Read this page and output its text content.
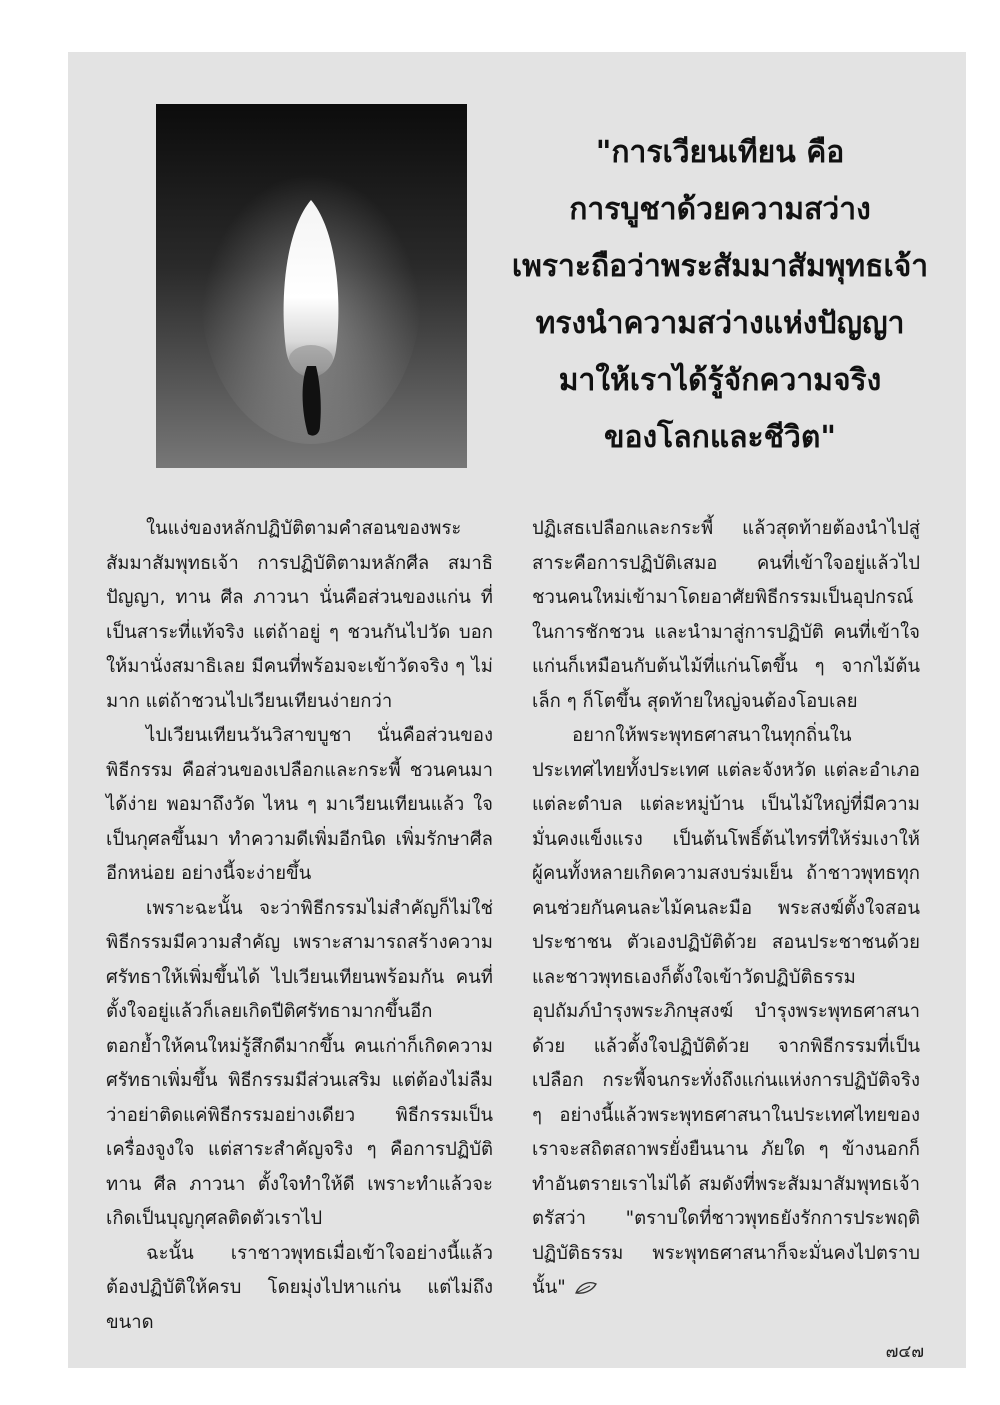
"การเวียนเทียน คือ
การบูชาด้วยความสว่าง
เพราะถือว่าพระสัมมาสัมพุทธเจ้า
ทรงนำความสว่างแห่งปัญญา
มาให้เราได้รู้จักความจริง
ของโลกและชีวิต"

ในแง่ของหลักปฏิบัติตามคำสอนของพระสัมมาสัมพุทธเจ้า การปฏิบัติตามหลักศีล สมาธิ ปัญญา, ทาน ศีล ภาวนา นั่นคือส่วนของแก่น ที่เป็นสาระที่แท้จริง แต่ถ้าอยู่ ๆ ชวนกันไปวัด บอกให้มานั่งสมาธิเลย มีคนที่พร้อมจะเข้าวัดจริง ๆ ไม่มาก แต่ถ้าชวนไปเวียนเทียนง่ายกว่า

ไปเวียนเทียนวันวิสาขบูชา นั่นคือส่วนของพิธีกรรม คือส่วนของเปลือกและกระพี้ ชวนคนมาได้ง่าย พอมาถึงวัด ไหน ๆ มาเวียนเทียนแล้ว ใจเป็นกุศลขึ้นมา ทำความดีเพิ่มอีกนิด เพิ่มรักษาศีลอีกหน่อย อย่างนี้จะง่ายขึ้น

เพราะฉะนั้น จะว่าพิธีกรรมไม่สำคัญก็ไม่ใช่ พิธีกรรมมีความสำคัญ เพราะสามารถสร้างความศรัทธาให้เพิ่มขึ้นได้ ไปเวียนเทียนพร้อมกัน คนที่ตั้งใจอยู่แล้วก็เลยเกิดปีติศรัทธามากขึ้นอีก ตอกย้ำให้คนใหม่รู้สึกดีมากขึ้น คนเก่าก็เกิดความศรัทธาเพิ่มขึ้น พิธีกรรมมีส่วนเสริม แต่ต้องไม่ลืมว่าอย่าติดแค่พิธีกรรมอย่างเดียว พิธีกรรมเป็นเครื่องจูงใจ แต่สาระสำคัญจริง ๆ คือการปฏิบัติ ทาน ศีล ภาวนา ตั้งใจทำให้ดี เพราะทำแล้วจะเกิดเป็นบุญกุศลติดตัวเราไป

ฉะนั้น เราชาวพุทธเมื่อเข้าใจอย่างนี้แล้ว ต้องปฏิบัติให้ครบ โดยมุ่งไปหาแก่น แต่ไม่ถึงขนาด

ปฏิเสธเปลือกและกระพี้ แล้วสุดท้ายต้องนำไปสู่สาระคือการปฏิบัติเสมอ คนที่เข้าใจอยู่แล้วไปชวนคนใหม่เข้ามาโดยอาศัยพิธีกรรมเป็นอุปกรณ์ในการชักชวน และนำมาสู่การปฏิบัติ คนที่เข้าใจแก่นก็เหมือนกับต้นไม้ที่แก่นโตขึ้น ๆ จากไม้ต้นเล็ก ๆ ก็โตขึ้น สุดท้ายใหญ่จนต้องโอบเลย

อยากให้พระพุทธศาสนาในทุกถิ่นในประเทศไทยทั้งประเทศ แต่ละจังหวัด แต่ละอำเภอ แต่ละตำบล แต่ละหมู่บ้าน เป็นไม้ใหญ่ที่มีความมั่นคงแข็งแรง เป็นต้นโพธิ์ต้นไทรที่ให้ร่มเงาให้ผู้คนทั้งหลายเกิดความสงบร่มเย็น ถ้าชาวพุทธทุกคนช่วยกันคนละไม้คนละมือ พระสงฆ์ตั้งใจสอนประชาชน ตัวเองปฏิบัติด้วย สอนประชาชนด้วยและชาวพุทธเองก็ตั้งใจเข้าวัดปฏิบัติธรรม อุปถัมภ์บำรุงพระภิกษุสงฆ์ บำรุงพระพุทธศาสนาด้วย แล้วตั้งใจปฏิบัติด้วย จากพิธีกรรมที่เป็นเปลือก กระพี้จนกระทั่งถึงแก่นแห่งการปฏิบัติจริง ๆ อย่างนี้แล้วพระพุทธศาสนาในประเทศไทยของเราจะสถิตสถาพรยั่งยืนนาน ภัยใด ๆ ข้างนอกก็ทำอันตรายเราไม่ได้ สมดังที่พระสัมมาสัมพุทธเจ้าตรัสว่า "ตราบใดที่ชาวพุทธยังรักการประพฤติปฏิบัติธรรม พระพุทธศาสนาก็จะมั่นคงไปตราบนั้น"

๗๔๗
